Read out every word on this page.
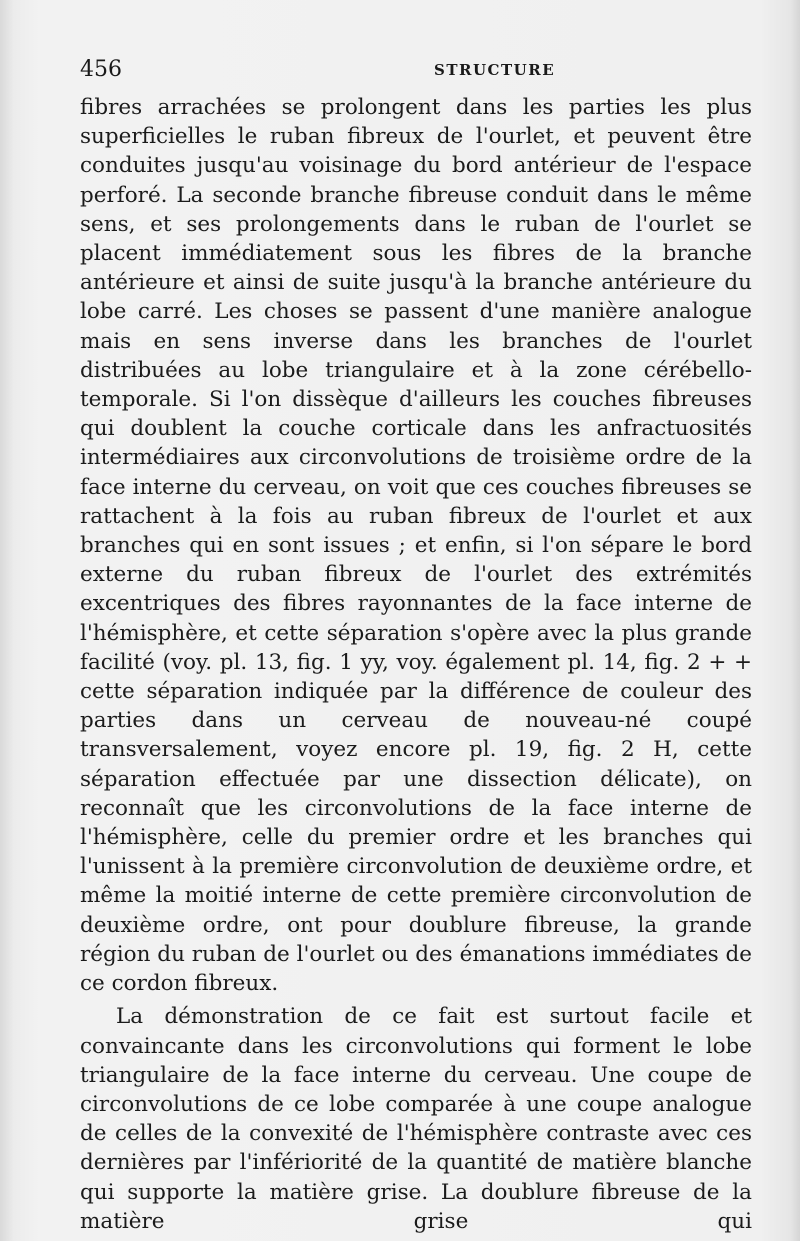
456	STRUCTURE

fibres arrachées se prolongent dans les parties les plus superficielles le ruban fibreux de l'ourlet, et peuvent être conduites jusqu'au voisinage du bord antérieur de l'espace perforé. La seconde branche fibreuse conduit dans le même sens, et ses prolongements dans le ruban de l'ourlet se placent immédiatement sous les fibres de la branche antérieure et ainsi de suite jusqu'à la branche antérieure du lobe carré. Les choses se passent d'une manière analogue mais en sens inverse dans les branches de l'ourlet distribuées au lobe triangulaire et à la zone cérébello-temporale. Si l'on dissèque d'ailleurs les couches fibreuses qui doublent la couche corticale dans les anfractuosités intermédiaires aux circonvolutions de troisième ordre de la face interne du cerveau, on voit que ces couches fibreuses se rattachent à la fois au ruban fibreux de l'ourlet et aux branches qui en sont issues ; et enfin, si l'on sépare le bord externe du ruban fibreux de l'ourlet des extrémités excentriques des fibres rayonnantes de la face interne de l'hémisphère, et cette séparation s'opère avec la plus grande facilité (voy. pl. 13, fig. 1 yy, voy. également pl. 14, fig. 2 + + cette séparation indiquée par la différence de couleur des parties dans un cerveau de nouveau-né coupé transversalement, voyez encore pl. 19, fig. 2 H, cette séparation effectuée par une dissection délicate), on reconnaît que les circonvolutions de la face interne de l'hémisphère, celle du premier ordre et les branches qui l'unissent à la première circonvolution de deuxième ordre, et même la moitié interne de cette première circonvolution de deuxième ordre, ont pour doublure fibreuse, la grande région du ruban de l'ourlet ou des émanations immédiates de ce cordon fibreux.

La démonstration de ce fait est surtout facile et convaincante dans les circonvolutions qui forment le lobe triangulaire de la face interne du cerveau. Une coupe de circonvolutions de ce lobe comparée à une coupe analogue de celles de la convexité de l'hémisphère contraste avec ces dernières par l'infériorité de la quantité de matière blanche qui supporte la matière grise. La doublure fibreuse de la matière grise qui
